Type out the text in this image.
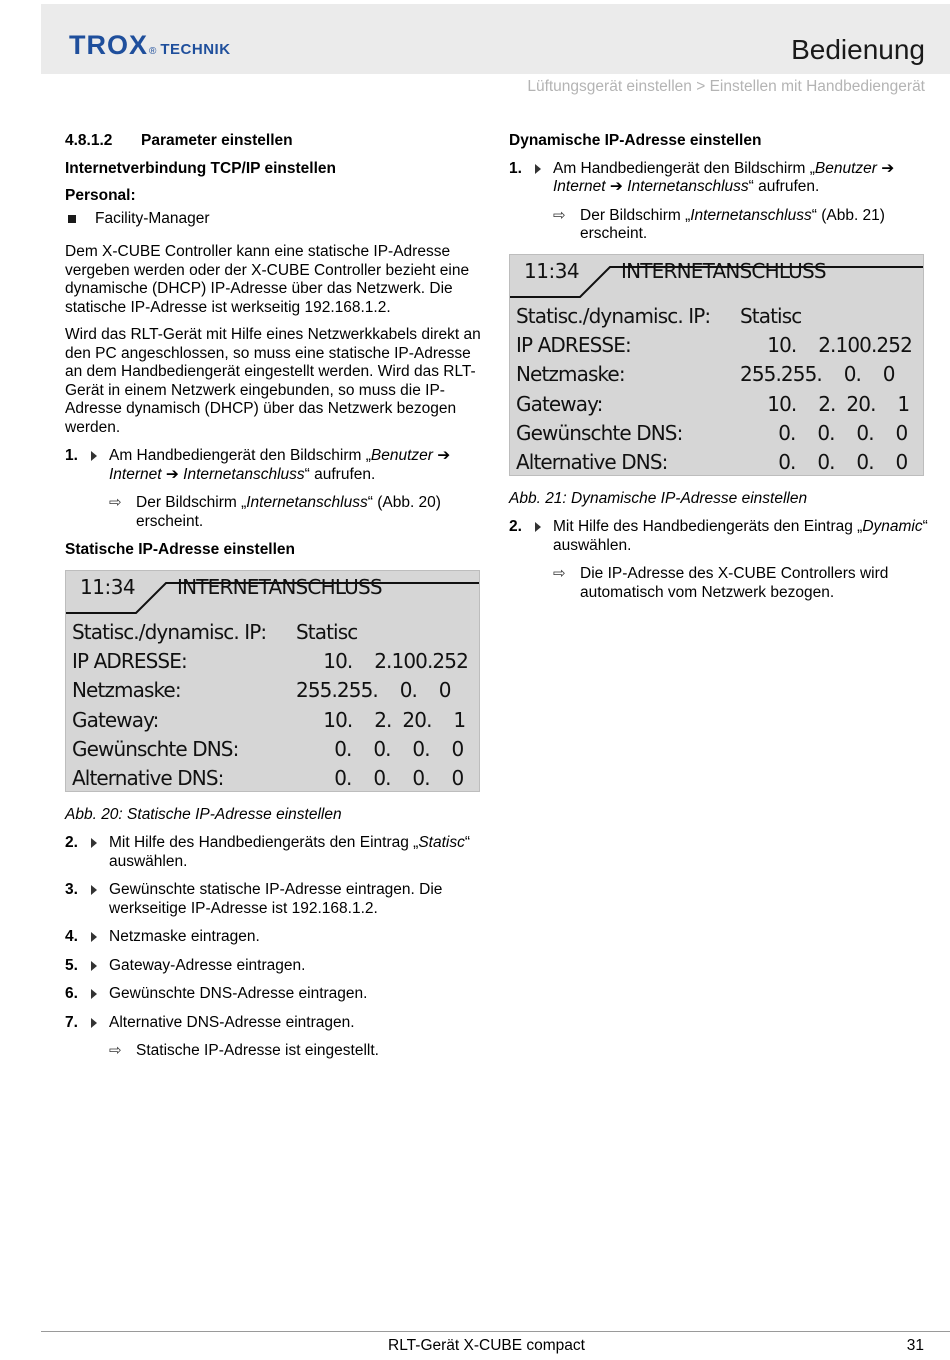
TROX ® TECHNIK	Bedienung
Lüftungsgerät einstellen > Einstellen mit Handbediengerät
4.8.1.2 Parameter einstellen
Internetverbindung TCP/IP einstellen
Personal:
Facility-Manager
Dem X-CUBE Controller kann eine statische IP-Adresse vergeben werden oder der X-CUBE Controller bezieht eine dynamische (DHCP) IP-Adresse über das Netzwerk. Die statische IP-Adresse ist werkseitig 192.168.1.2.
Wird das RLT-Gerät mit Hilfe eines Netzwerkkabels direkt an den PC angeschlossen, so muss eine statische IP-Adresse an dem Handbediengerät eingestellt werden. Wird das RLT-Gerät in einem Netzwerk eingebunden, so muss die IP-Adresse dynamisch (DHCP) über das Netzwerk bezogen werden.
1.	Am Handbediengerät den Bildschirm „Benutzer ➔ Internet ➔ Internetanschluss“ aufrufen.
⇨ Der Bildschirm „Internetanschluss“ (Abb. 20) erscheint.
Statische IP-Adresse einstellen
11:34 INTERNETANSCHLUSS
Statisc./dynamisc. IP:	Statisc
IP ADRESSE:	10.    2.100.252
Netzmaske:	255.255.    0.    0
Gateway:	10.    2.  20.    1
Gewünschte DNS:	0.    0.    0.    0
Alternative DNS:	0.    0.    0.    0
Abb. 20: Statische IP-Adresse einstellen
2.	Mit Hilfe des Handbediengeräts den Eintrag „Statisc“ auswählen.
3.	Gewünschte statische IP-Adresse eintragen. Die werkseitige IP-Adresse ist 192.168.1.2.
4.	Netzmaske eintragen.
5.	Gateway-Adresse eintragen.
6.	Gewünschte DNS-Adresse eintragen.
7.	Alternative DNS-Adresse eintragen.
⇨ Statische IP-Adresse ist eingestellt.
Dynamische IP-Adresse einstellen
1.	Am Handbediengerät den Bildschirm „Benutzer ➔ Internet ➔ Internetanschluss“ aufrufen.
⇨ Der Bildschirm „Internetanschluss“ (Abb. 21) erscheint.
11:34 INTERNETANSCHLUSS
Statisc./dynamisc. IP:	Statisc
IP ADRESSE:	10.    2.100.252
Netzmaske:	255.255.    0.    0
Gateway:	10.    2.  20.    1
Gewünschte DNS:	0.    0.    0.    0
Alternative DNS:	0.    0.    0.    0
Abb. 21: Dynamische IP-Adresse einstellen
2.	Mit Hilfe des Handbediengeräts den Eintrag „Dynamic“ auswählen.
⇨ Die IP-Adresse des X-CUBE Controllers wird automatisch vom Netzwerk bezogen.
RLT-Gerät X-CUBE compact	31
